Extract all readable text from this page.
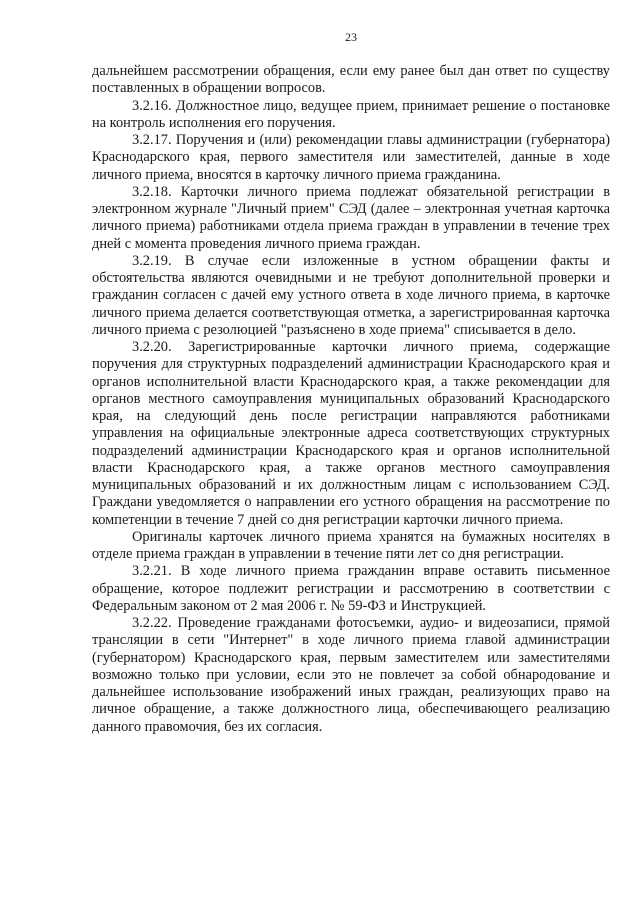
23

дальнейшем рассмотрении обращения, если ему ранее был дан ответ по существу поставленных в обращении вопросов.

3.2.16. Должностное лицо, ведущее прием, принимает решение о постановке на контроль исполнения его поручения.

3.2.17. Поручения и (или) рекомендации главы администрации (губернатора) Краснодарского края, первого заместителя или заместителей, данные в ходе личного приема, вносятся в карточку личного приема гражданина.

3.2.18. Карточки личного приема подлежат обязательной регистрации в электронном журнале "Личный прием" СЭД (далее – электронная учетная карточка личного приема) работниками отдела приема граждан в управлении в течение трех дней с момента проведения личного приема граждан.

3.2.19. В случае если изложенные в устном обращении факты и обстоятельства являются очевидными и не требуют дополнительной проверки и гражданин согласен с дачей ему устного ответа в ходе личного приема, в карточке личного приема делается соответствующая отметка, а зарегистрированная карточка личного приема с резолюцией "разъяснено в ходе приема" списывается в дело.

3.2.20. Зарегистрированные карточки личного приема, содержащие поручения для структурных подразделений администрации Краснодарского края и органов исполнительной власти Краснодарского края, а также рекомендации для органов местного самоуправления муниципальных образований Краснодарского края, на следующий день после регистрации направляются работниками управления на официальные электронные адреса соответствующих структурных подразделений администрации Краснодарского края и органов исполнительной власти Краснодарского края, а также органов местного самоуправления муниципальных образований и их должностным лицам с использованием СЭД. Граждани уведомляется о направлении его устного обращения на рассмотрение по компетенции в течение 7 дней со дня регистрации карточки личного приема.

Оригиналы карточек личного приема хранятся на бумажных носителях в отделе приема граждан в управлении в течение пяти лет со дня регистрации.

3.2.21. В ходе личного приема гражданин вправе оставить письменное обращение, которое подлежит регистрации и рассмотрению в соответствии с Федеральным законом от 2 мая 2006 г. № 59-ФЗ и Инструкцией.

3.2.22. Проведение гражданами фотосъемки, аудио- и видеозаписи, прямой трансляции в сети "Интернет" в ходе личного приема главой администрации (губернатором) Краснодарского края, первым заместителем или заместителями возможно только при условии, если это не повлечет за собой обнародование и дальнейшее использование изображений иных граждан, реализующих право на личное обращение, а также должностного лица, обеспечивающего реализацию данного правомочия, без их согласия.
